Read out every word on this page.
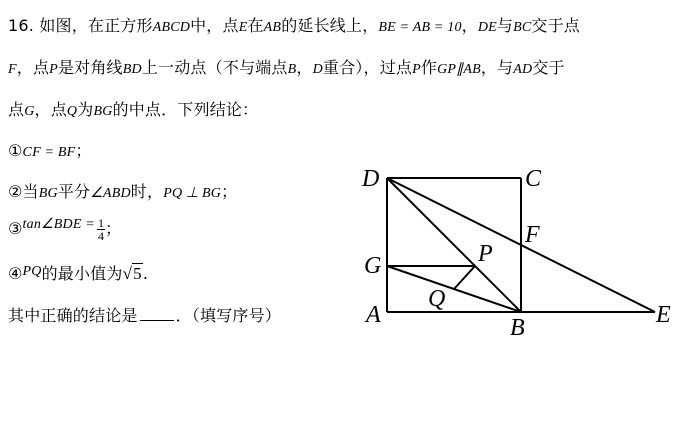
16. 如图，在正方形ABCD中，点E在AB的延长线上，BE = AB = 10，DE与BC交于点
F，点P是对角线BD上一动点（不与端点B，D重合），过点P作GP∥AB，与AD交于
点G，点Q为BG的中点．下列结论：
①CF = BF；
②当BG平分∠ABD时，PQ ⊥ BG；
③tan∠BDE = $\frac{1}{4}$ ；
④PQ的最小值为√5.
其中正确的结论是 ．（填写序号）
D	C
F
G	P
Q
A	B	E
